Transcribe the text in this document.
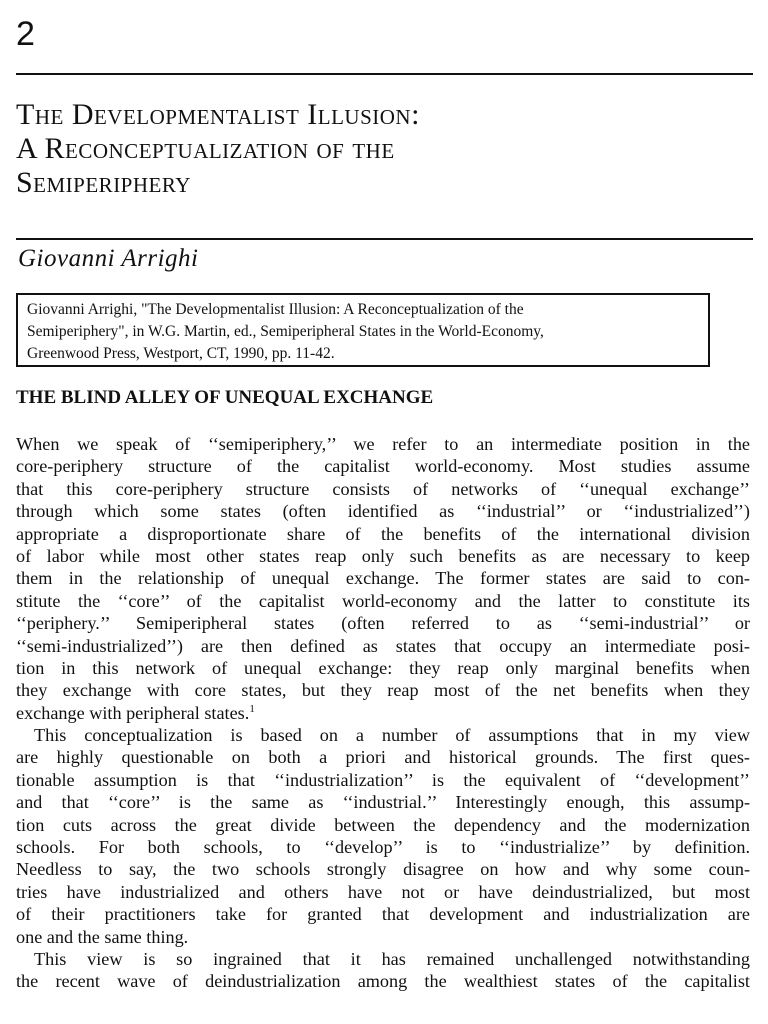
2
The Developmentalist Illusion:
A Reconceptualization of the
Semiperiphery
Giovanni Arrighi
Giovanni Arrighi, "The Developmentalist Illusion: A Reconceptualization of the
Semiperiphery", in W.G. Martin, ed., Semiperipheral States in the World-Economy,
Greenwood Press, Westport, CT, 1990, pp. 11-42.
THE BLIND ALLEY OF UNEQUAL EXCHANGE
When we speak of ‘‘semiperiphery,’’ we refer to an intermediate position in the
core-periphery structure of the capitalist world-economy. Most studies assume
that this core-periphery structure consists of networks of ‘‘unequal exchange’’
through which some states (often identified as ‘‘industrial’’ or ‘‘industrialized’’)
appropriate a disproportionate share of the benefits of the international division
of labor while most other states reap only such benefits as are necessary to keep
them in the relationship of unequal exchange. The former states are said to con-
stitute the ‘‘core’’ of the capitalist world-economy and the latter to constitute its
‘‘periphery.’’ Semiperipheral states (often referred to as ‘‘semi-industrial’’ or
‘‘semi-industrialized’’) are then defined as states that occupy an intermediate posi-
tion in this network of unequal exchange: they reap only marginal benefits when
they exchange with core states, but they reap most of the net benefits when they
exchange with peripheral states.$^1$
This conceptualization is based on a number of assumptions that in my view
are highly questionable on both a priori and historical grounds. The first ques-
tionable assumption is that ‘‘industrialization’’ is the equivalent of ‘‘development’’
and that ‘‘core’’ is the same as ‘‘industrial.’’ Interestingly enough, this assump-
tion cuts across the great divide between the dependency and the modernization
schools. For both schools, to ‘‘develop’’ is to ‘‘industrialize’’ by definition.
Needless to say, the two schools strongly disagree on how and why some coun-
tries have industrialized and others have not or have deindustrialized, but most
of their practitioners take for granted that development and industrialization are
one and the same thing.
This view is so ingrained that it has remained unchallenged notwithstanding
the recent wave of deindustrialization among the wealthiest states of the capitalist
